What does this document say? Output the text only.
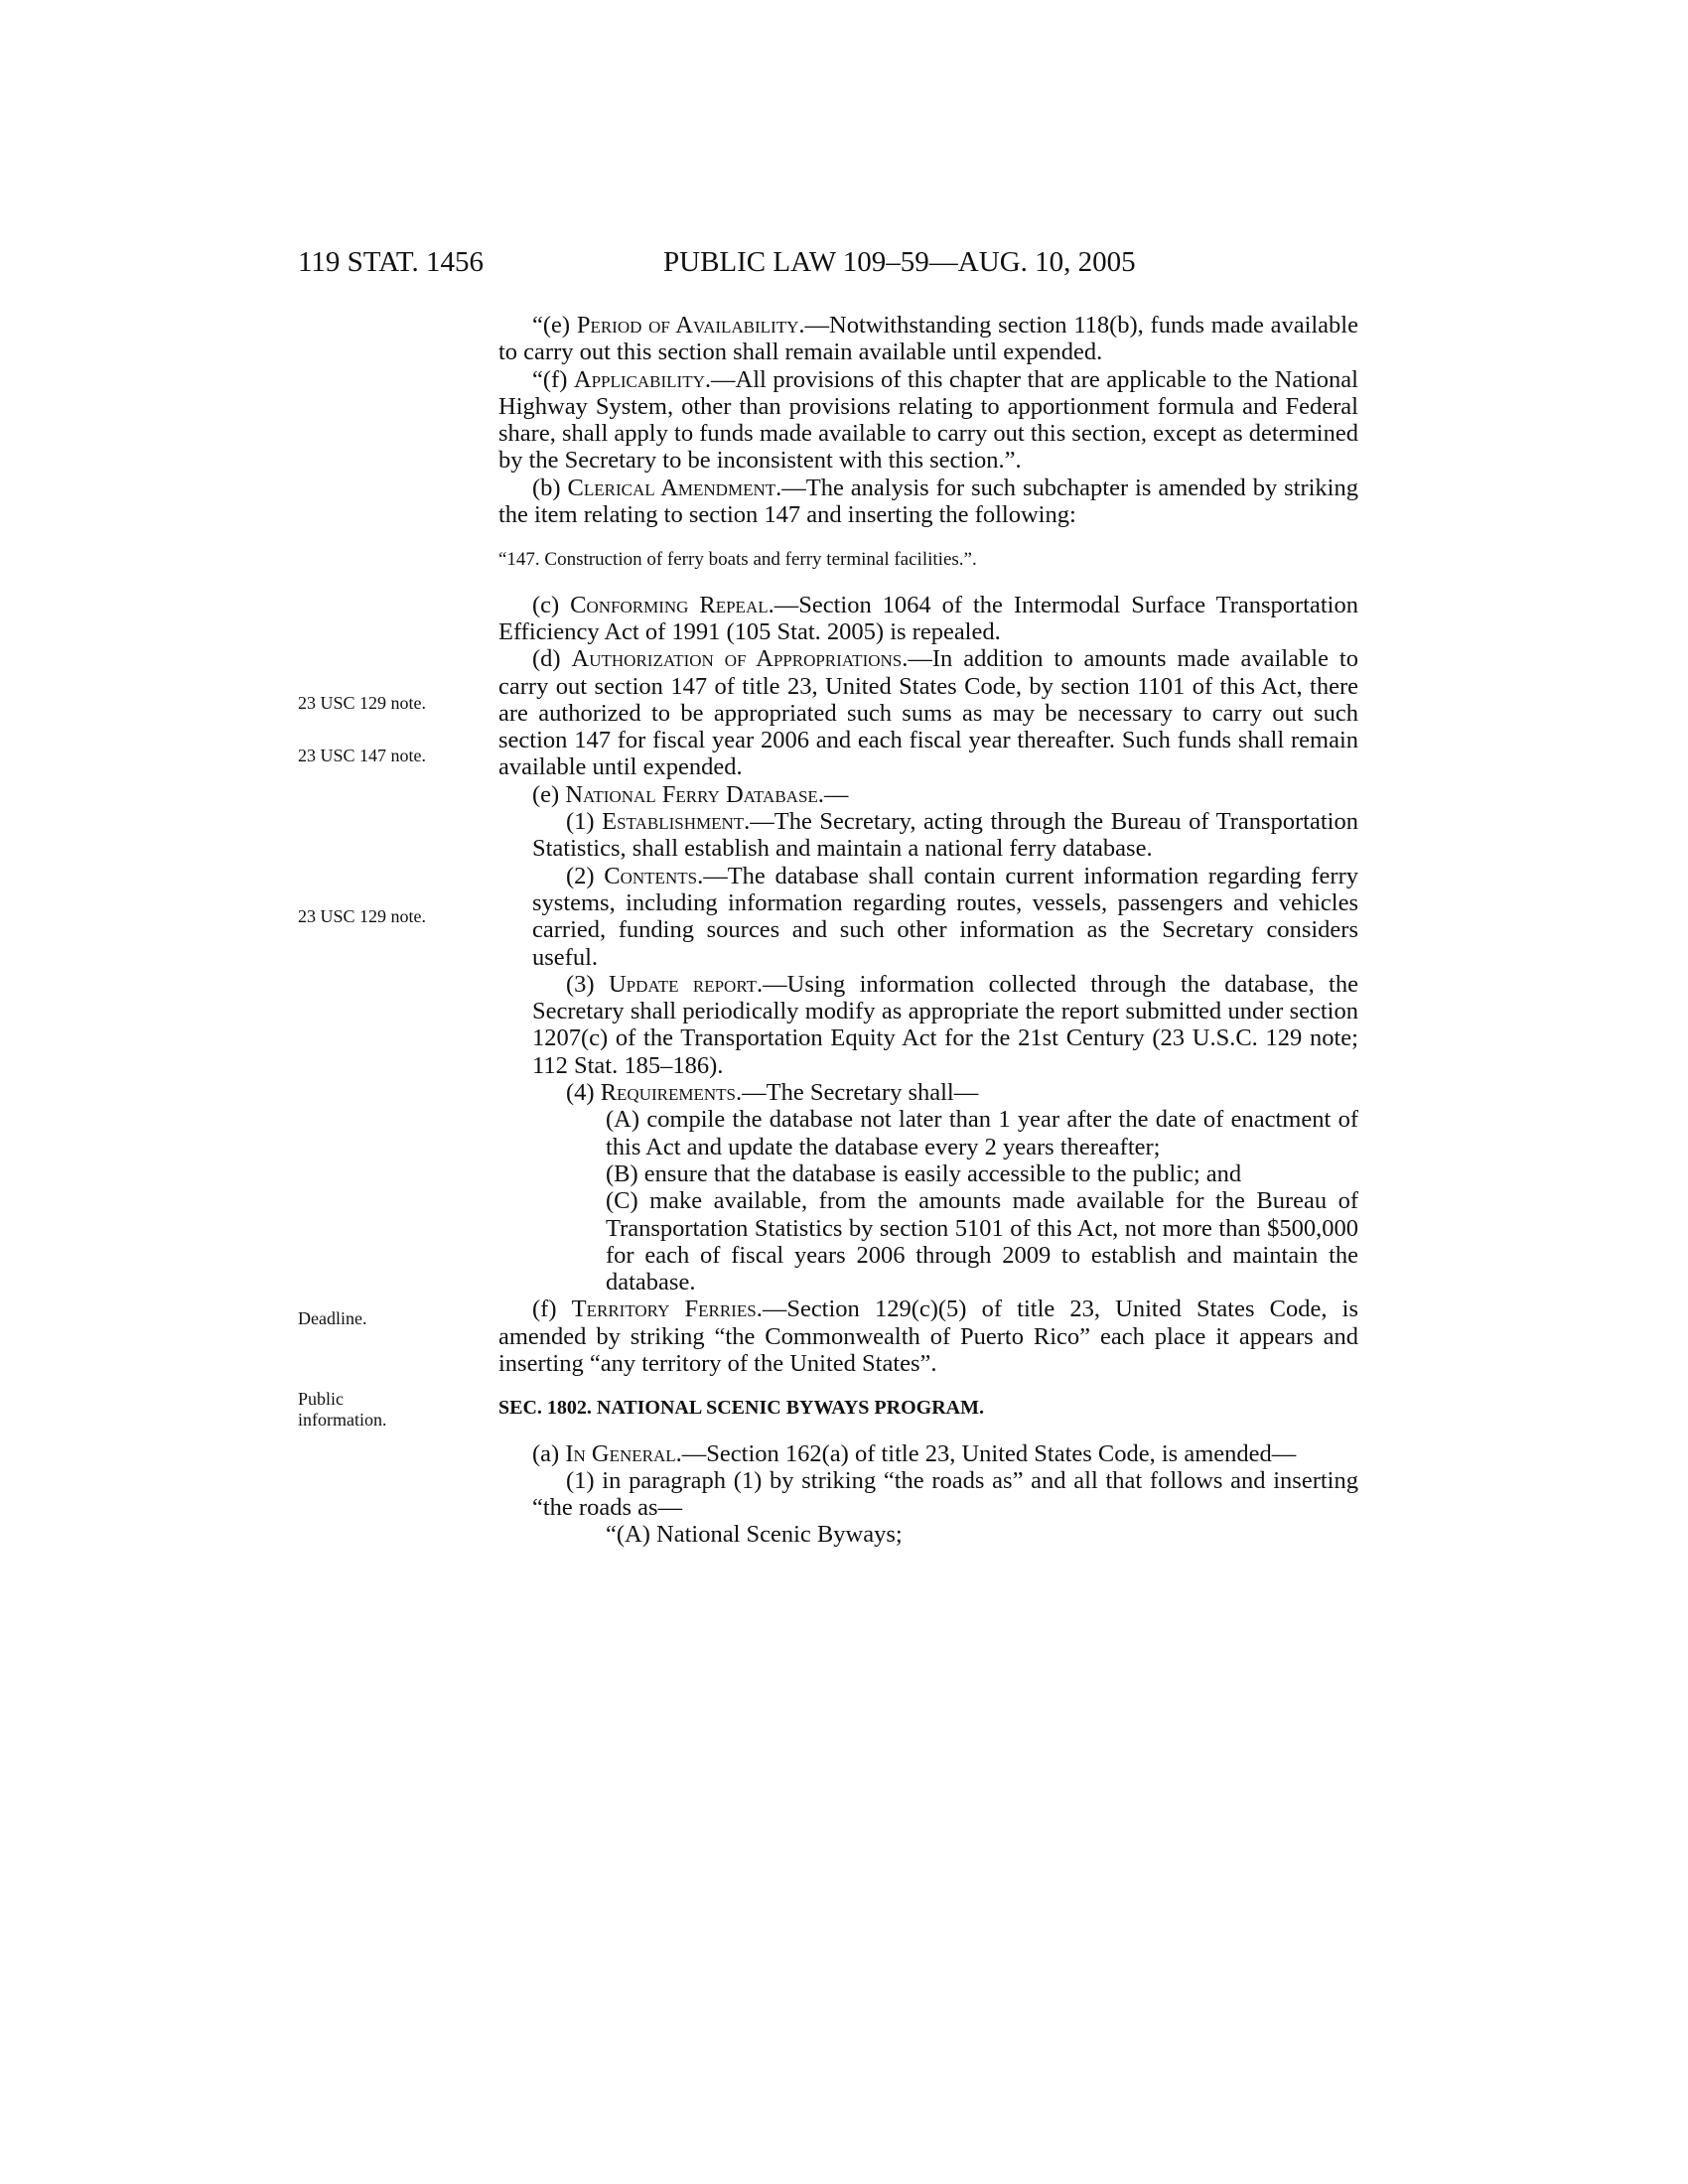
119 STAT. 1456	PUBLIC LAW 109–59—AUG. 10, 2005
23 USC 129 note.
23 USC 147 note.
23 USC 129 note.
Deadline.
Public information.

“(e) Period of Availability.—Notwithstanding section 118(b), funds made available to carry out this section shall remain available until expended.

“(f) Applicability.—All provisions of this chapter that are applicable to the National Highway System, other than provisions relating to apportionment formula and Federal share, shall apply to funds made available to carry out this section, except as determined by the Secretary to be inconsistent with this section.”.

(b) Clerical Amendment.—The analysis for such subchapter is amended by striking the item relating to section 147 and inserting the following:

“147. Construction of ferry boats and ferry terminal facilities.”.

(c) Conforming Repeal.—Section 1064 of the Intermodal Surface Transportation Efficiency Act of 1991 (105 Stat. 2005) is repealed.

(d) Authorization of Appropriations.—In addition to amounts made available to carry out section 147 of title 23, United States Code, by section 1101 of this Act, there are authorized to be appropriated such sums as may be necessary to carry out such section 147 for fiscal year 2006 and each fiscal year thereafter. Such funds shall remain available until expended.

(e) National Ferry Database.—

(1) Establishment.—The Secretary, acting through the Bureau of Transportation Statistics, shall establish and maintain a national ferry database.

(2) Contents.—The database shall contain current information regarding ferry systems, including information regarding routes, vessels, passengers and vehicles carried, funding sources and such other information as the Secretary considers useful.

(3) Update report.—Using information collected through the database, the Secretary shall periodically modify as appropriate the report submitted under section 1207(c) of the Transportation Equity Act for the 21st Century (23 U.S.C. 129 note; 112 Stat. 185–186).

(4) Requirements.—The Secretary shall—

(A) compile the database not later than 1 year after the date of enactment of this Act and update the database every 2 years thereafter;

(B) ensure that the database is easily accessible to the public; and

(C) make available, from the amounts made available for the Bureau of Transportation Statistics by section 5101 of this Act, not more than $500,000 for each of fiscal years 2006 through 2009 to establish and maintain the database.

(f) Territory Ferries.—Section 129(c)(5) of title 23, United States Code, is amended by striking “the Commonwealth of Puerto Rico” each place it appears and inserting “any territory of the United States”.

SEC. 1802. NATIONAL SCENIC BYWAYS PROGRAM.

(a) In General.—Section 162(a) of title 23, United States Code, is amended—

(1) in paragraph (1) by striking “the roads as” and all that follows and inserting “the roads as—

“(A) National Scenic Byways;
